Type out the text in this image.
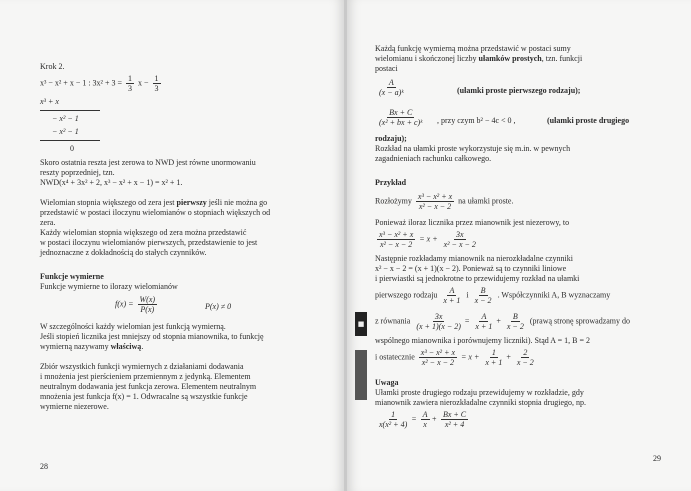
Krok 2.
x³ − x² + x − 1 : $3x^2 + 3 = \frac{1}{3}$ $x - \frac{1}{3}$
x³ + x
− x² − 1
− x² − 1
0
Skoro ostatnia reszta jest zerowa to NWD jest równe unormowaniu
reszty poprzedniej, tzn.
NWD(x⁴ + 3x² + 2, x³ − x² + x − 1) = x² + 1.
Wielomian stopnia większego od zera jest pierwszy jeśli nie można go
przedstawić w postaci iloczynu wielomianów o stopniach większych od
zera.
Każdy wielomian stopnia większego od zera można przedstawić
w postaci iloczynu wielomianów pierwszych, przedstawienie to jest
jednoznaczne z dokładnością do stałych czynników.
Funkcje wymierne
Funkcje wymierne to ilorazy wielomianów
$f(x) = \frac{W(x)}{P(x)}$	P(x) ≠ 0
W szczególności każdy wielomian jest funkcją wymierną.
Jeśli stopień licznika jest mniejszy od stopnia mianownika, to funkcję
wymierną nazywamy właściwą.
Zbiór wszystkich funkcji wymiernych z działaniami dodawania
i mnożenia jest pierścieniem przemiennym z jedynką. Elementem
neutralnym dodawania jest funkcja zerowa. Elementem neutralnym
mnożenia jest funkcja f(x) = 1. Odwracalne są wszystkie funkcje
wymierne niezerowe.
28
Każdą funkcję wymierną można przedstawić w postaci sumy
wielomianu i skończonej liczby ułamków prostych, tzn. funkcji
postaci
$\frac{A}{\text{(x − a)ᵏ}}$	(ułamki proste pierwszego rodzaju);
$\frac{Bx + C}{\text{(x² + bx + c)ᵏ}}$ , przy czym b² − 4c < 0 ,	(ułamki proste drugiego
rodzaju);
Rozkład na ułamki proste wykorzystuje się m.in. w pewnych
zagadnieniach rachunku całkowego.
Przykład
Rozłożymy $\frac{\text{x³ − x² + x}}{\text{x² − x − 2}}$ na ułamki proste.
Ponieważ iloraz licznika przez mianownik jest niezerowy, to
$\frac{\text{x³ − x² + x}}{\text{x² − x − 2}} = x + \frac{3x}{\text{x² − x − 2}}$
Następnie rozkładamy mianownik na nierozkładalne czynniki
x² − x − 2 = (x + 1)(x − 2). Ponieważ są to czynniki liniowe
i pierwiastki są jednokrotne to przewidujemy rozkład na ułamki
pierwszego rodzaju $\frac{A}{x + 1}$ i $\frac{B}{x - 2}$ . Współczynniki A, B wyznaczamy
z równania $\frac{3x}{(x + 1)(x - 2)} = \frac{A}{x + 1} + \frac{B}{x - 2}$ (prawą stronę sprowadzamy do
wspólnego mianownika i porównujemy liczniki). Stąd A = 1, B = 2
i ostatecznie $\frac{\text{x³ − x² + x}}{\text{x² − x − 2}} = x + \frac{1}{x + 1} + \frac{2}{x - 2}$
Uwaga
Ułamki proste drugiego rodzaju przewidujemy w rozkładzie, gdy
mianownik zawiera nierozkładalne czynniki stopnia drugiego, np.
$\frac{1}{\text{x(x² + 4)}} = \frac{A}{x} + \frac{Bx + C}{\text{x² + 4}}$
29
■
